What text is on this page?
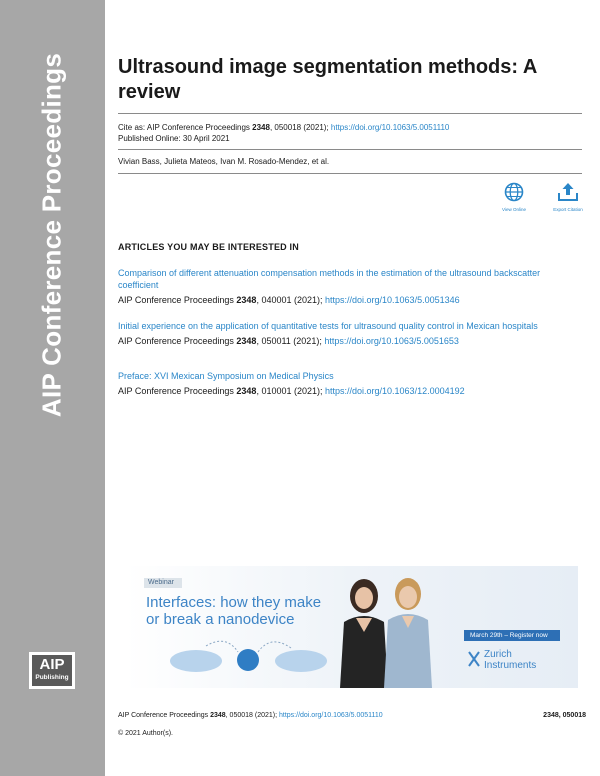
AIP Conference Proceedings
AIP
Publishing
Ultrasound image segmentation methods: A review
Cite as: AIP Conference Proceedings 2348, 050018 (2021); https://doi.org/10.1063/5.0051110
Published Online: 30 April 2021
Vivian Bass, Julieta Mateos, Ivan M. Rosado-Mendez, et al.
View Online	Export Citation
ARTICLES YOU MAY BE INTERESTED IN
Comparison of different attenuation compensation methods in the estimation of the ultrasound backscatter coefficient
AIP Conference Proceedings 2348, 040001 (2021); https://doi.org/10.1063/5.0051346
Initial experience on the application of quantitative tests for ultrasound quality control in Mexican hospitals
AIP Conference Proceedings 2348, 050011 (2021); https://doi.org/10.1063/5.0051653
Preface: XVI Mexican Symposium on Medical Physics
AIP Conference Proceedings 2348, 010001 (2021); https://doi.org/10.1063/12.0004192
Webinar
Interfaces: how they make or break a nanodevice
March 29th – Register now
Zurich
Instruments
AIP Conference Proceedings 2348, 050018 (2021); https://doi.org/10.1063/5.0051110	2348, 050018
© 2021 Author(s).
